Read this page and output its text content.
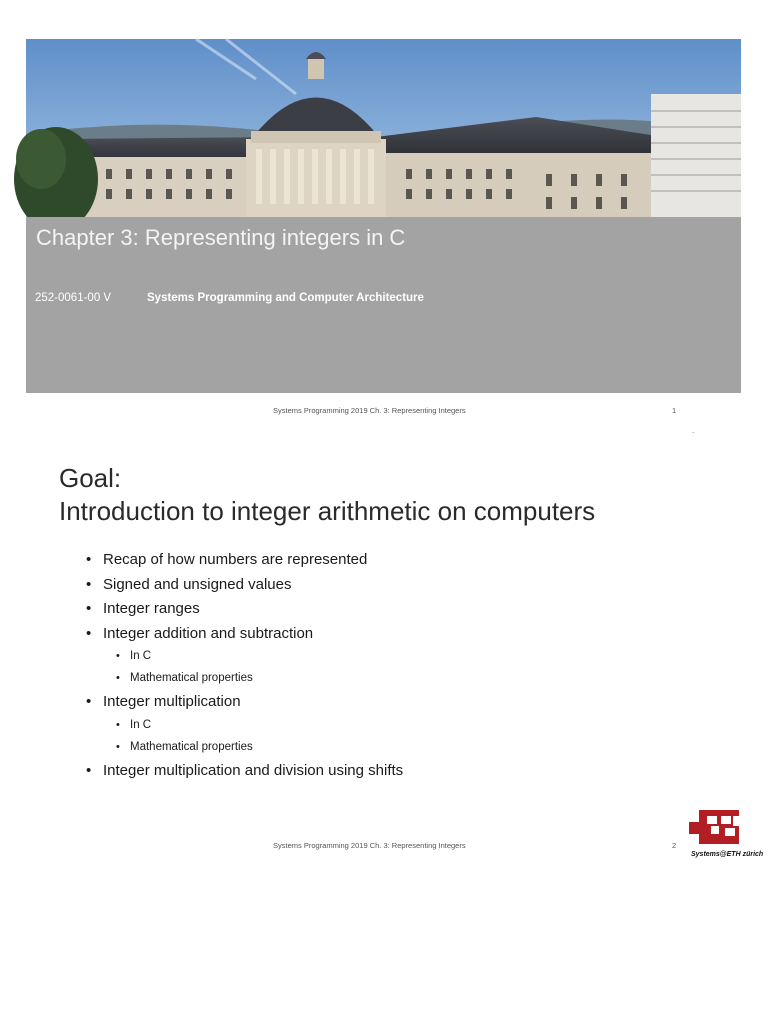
Chapter 3: Representing integers in C
252-0061-00 V	Systems Programming and Computer Architecture
Systems Programming 2019 Ch. 3: Representing Integers	1
.
Goal:
Introduction to integer arithmetic on computers
• Recap of how numbers are represented
• Signed and unsigned values
• Integer ranges
• Integer addition and subtraction
• In C
• Mathematical properties
• Integer multiplication
• In C
• Mathematical properties
• Integer multiplication and division using shifts
Systems Programming 2019 Ch. 3: Representing Integers	2
Systems@ETH zürich
